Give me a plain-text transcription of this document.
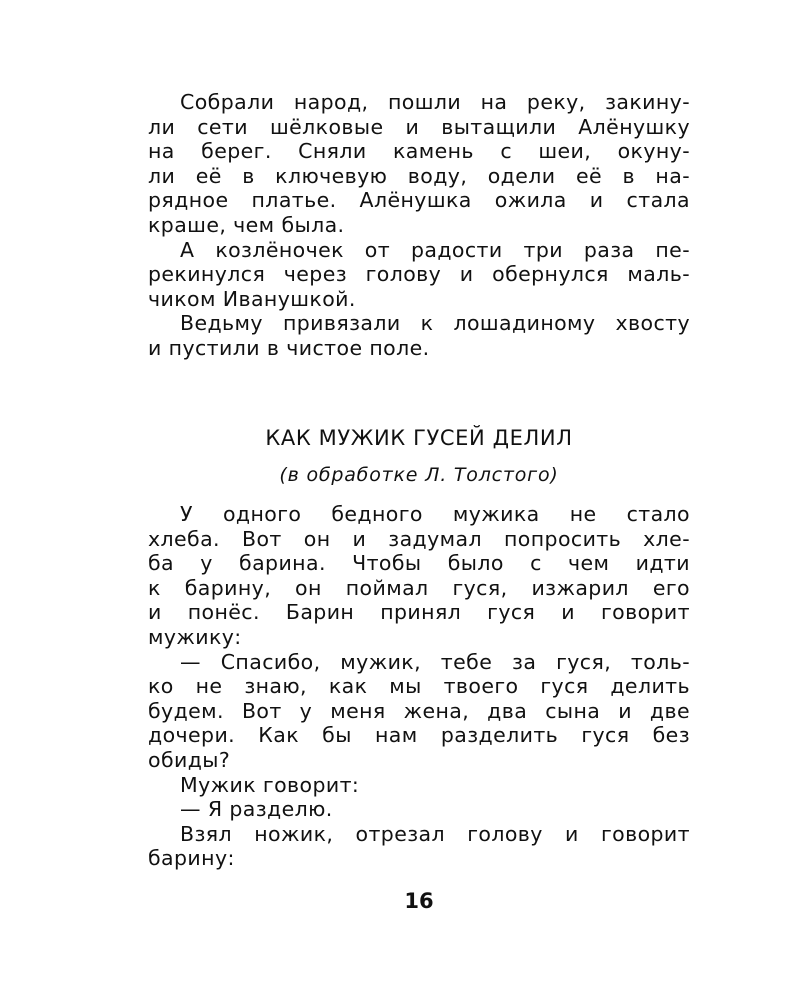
Собрали народ, пошли на реку, закину-
ли сети шёлковые и вытащили Алёнушку
на берег. Сняли камень с шеи, окуну-
ли её в ключевую воду, одели её в на-
рядное платье. Алёнушка ожила и стала
краше, чем была.
А козлёночек от радости три раза пе-
рекинулся через голову и обернулся маль-
чиком Иванушкой.
Ведьму привязали к лошадиному хвосту
и пустили в чистое поле.
КАК МУЖИК ГУСЕЙ ДЕЛИЛ
(в обработке Л. Толстого)
У одного бедного мужика не стало
хлеба. Вот он и задумал попросить хле-
ба у барина. Чтобы было с чем идти
к барину, он поймал гуся, изжарил его
и понёс. Барин принял гуся и говорит
мужику:
— Спасибо, мужик, тебе за гуся, толь-
ко не знаю, как мы твоего гуся делить
будем. Вот у меня жена, два сына и две
дочери. Как бы нам разделить гуся без
обиды?
Мужик говорит:
— Я разделю.
Взял ножик, отрезал голову и говорит
барину:
16
